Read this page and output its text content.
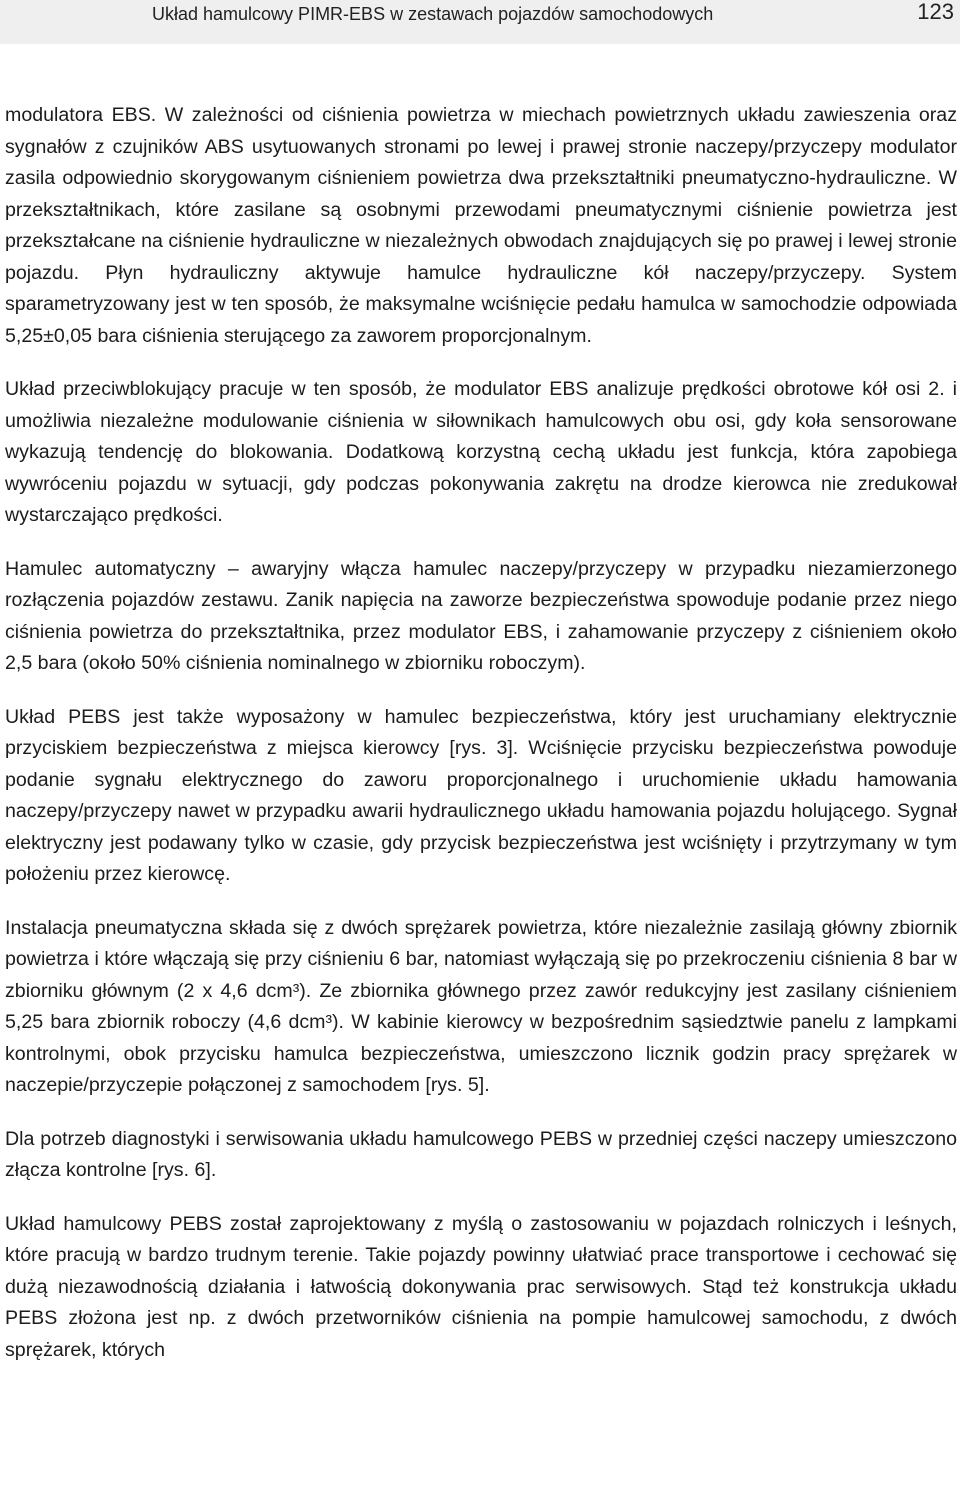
Układ hamulcowy PIMR-EBS w zestawach pojazdów samochodowych	123

modulatora EBS. W zależności od ciśnienia powietrza w miechach powietrznych układu zawieszenia oraz sygnałów z czujników ABS usytuowanych stronami po lewej i prawej stronie naczepy/przyczepy modulator zasila odpowiednio skorygowanym ciśnieniem powietrza dwa przekształtniki pneumatyczno-hydrauliczne. W przekształtnikach, które zasilane są osobnymi przewodami pneumatycznymi ciśnienie powietrza jest przekształcane na ciśnienie hydrauliczne w niezależnych obwodach znajdujących się po prawej i lewej stronie pojazdu. Płyn hydrauliczny aktywuje hamulce hydrauliczne kół naczepy/przyczepy. System sparametryzowany jest w ten sposób, że maksymalne wciśnięcie pedału hamulca w samochodzie odpowiada 5,25±0,05 bara ciśnienia sterującego za zaworem proporcjonalnym.

Układ przeciwblokujący pracuje w ten sposób, że modulator EBS analizuje prędkości obrotowe kół osi 2. i umożliwia niezależne modulowanie ciśnienia w siłownikach hamulcowych obu osi, gdy koła sensorowane wykazują tendencję do blokowania. Dodatkową korzystną cechą układu jest funkcja, która zapobiega wywróceniu pojazdu w sytuacji, gdy podczas pokonywania zakrętu na drodze kierowca nie zredukował wystarczająco prędkości.

Hamulec automatyczny – awaryjny włącza hamulec naczepy/przyczepy w przypadku niezamierzonego rozłączenia pojazdów zestawu. Zanik napięcia na zaworze bezpieczeństwa spowoduje podanie przez niego ciśnienia powietrza do przekształtnika, przez modulator EBS, i zahamowanie przyczepy z ciśnieniem około 2,5 bara (około 50% ciśnienia nominalnego w zbiorniku roboczym).

Układ PEBS jest także wyposażony w hamulec bezpieczeństwa, który jest uruchamiany elektrycznie przyciskiem bezpieczeństwa z miejsca kierowcy [rys. 3]. Wciśnięcie przycisku bezpieczeństwa powoduje podanie sygnału elektrycznego do zaworu proporcjonalnego i uruchomienie układu hamowania naczepy/przyczepy nawet w przypadku awarii hydraulicznego układu hamowania pojazdu holującego. Sygnał elektryczny jest podawany tylko w czasie, gdy przycisk bezpieczeństwa jest wciśnięty i przytrzymany w tym położeniu przez kierowcę.

Instalacja pneumatyczna składa się z dwóch sprężarek powietrza, które niezależnie zasilają główny zbiornik powietrza i które włączają się przy ciśnieniu 6 bar, natomiast wyłączają się po przekroczeniu ciśnienia 8 bar w zbiorniku głównym (2 x 4,6 dcm³). Ze zbiornika głównego przez zawór redukcyjny jest zasilany ciśnieniem 5,25 bara zbiornik roboczy (4,6 dcm³). W kabinie kierowcy w bezpośrednim sąsiedztwie panelu z lampkami kontrolnymi, obok przycisku hamulca bezpieczeństwa, umieszczono licznik godzin pracy sprężarek w naczepie/przyczepie połączonej z samochodem [rys. 5].

Dla potrzeb diagnostyki i serwisowania układu hamulcowego PEBS w przedniej części naczepy umieszczono złącza kontrolne [rys. 6].

Układ hamulcowy PEBS został zaprojektowany z myślą o zastosowaniu w pojazdach rolniczych i leśnych, które pracują w bardzo trudnym terenie. Takie pojazdy powinny ułatwiać prace transportowe i cechować się dużą niezawodnością działania i łatwością dokonywania prac serwisowych. Stąd też konstrukcja układu PEBS złożona jest np. z dwóch przetworników ciśnienia na pompie hamulcowej samochodu, z dwóch sprężarek, których
